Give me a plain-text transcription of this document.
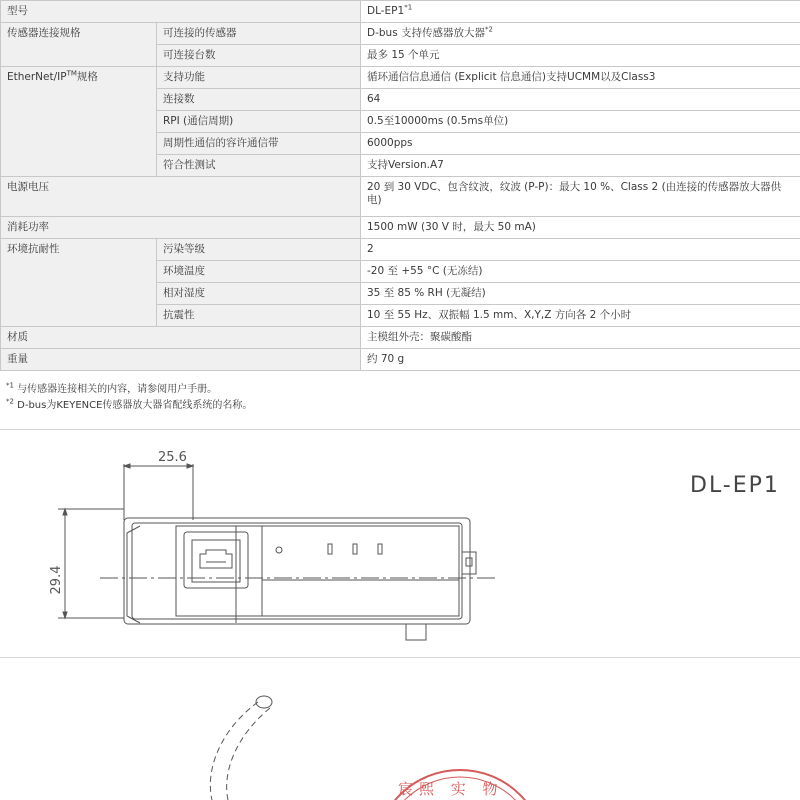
型号		DL-EP1$^{*1}$
传感器连接规格	可连接的传感器	D-bus 支持传感器放大器$^{*2}$
	可连接台数	最多 15 个单元
EtherNet/IP™规格	支持功能	循环通信信息通信 (Explicit 信息通信)支持UCMM以及Class3
	连接数	64
	RPI (通信周期)	0.5至10000ms (0.5ms单位)
	周期性通信的容许通信带	6000pps
	符合性测试	支持Version.A7
电源电压		20 到 30 VDC、包含纹波，纹波 (P-P)：最大 10 %、Class 2 (由连接的传感器放大器供电)
消耗功率		1500 mW (30 V 时，最大 50 mA)
环境抗耐性	污染等级	2
	环境温度	-20 至 +55 °C (无冻结)
	相对湿度	35 至 85 % RH (无凝结)
	抗震性	10 至 55 Hz、双振幅 1.5 mm、X,Y,Z 方向各 2 个小时
材质		主模组外壳：聚碳酸酯
重量		约 70 g
$^{*1}$ 与传感器连接相关的内容，请参阅用户手册。
$^{*2}$ D-bus为KEYENCE传感器放大器省配线系统的名称。
25.6
29.4
DL-EP1
宸熙 实 物
